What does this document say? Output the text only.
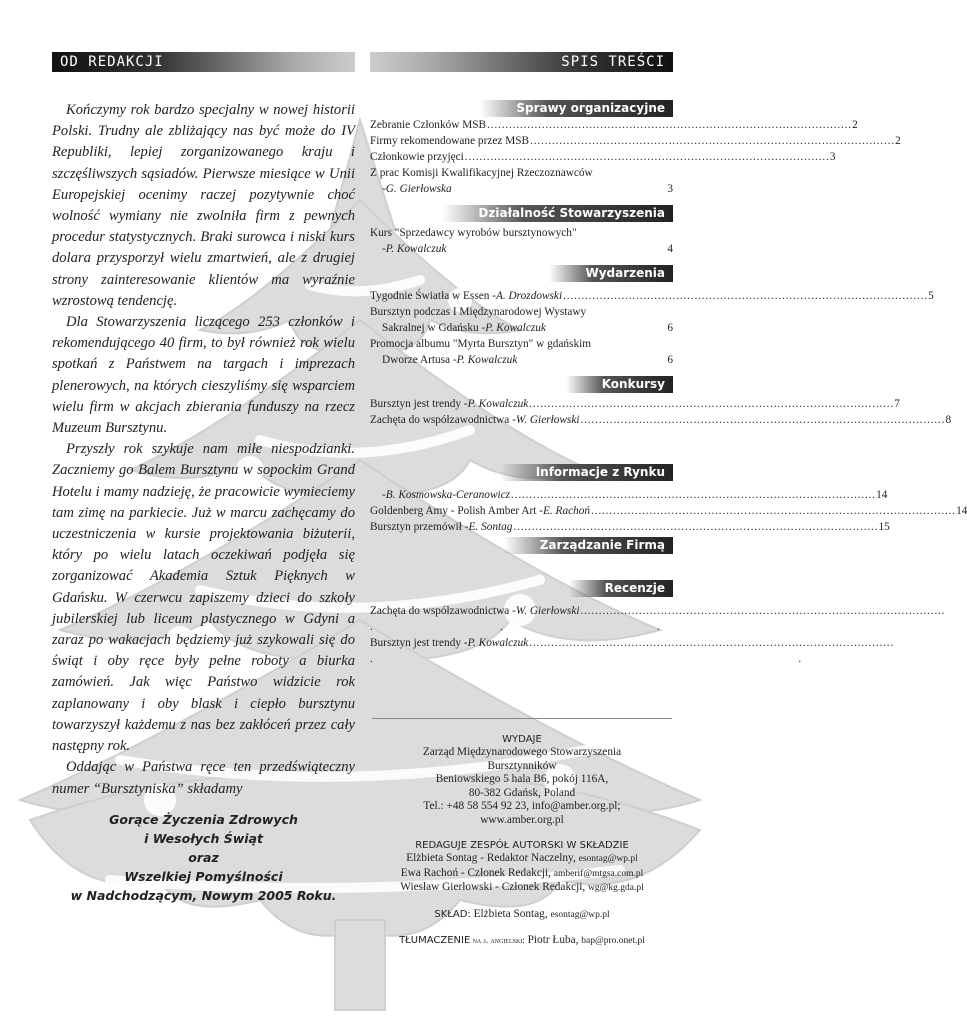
OD REDAKCJI

Kończymy rok bardzo specjalny w nowej historii Polski. Trudny ale zbliżający nas być może do IV Republiki, lepiej zorganizowanego kraju i szczęśliwszych sąsiadów. Pierwsze miesiące w Unii Europejskiej ocenimy raczej pozytywnie choć wolność wymiany nie zwolniła firm z pewnych procedur statystycznych. Braki surowca i niski kurs dolara przysporzył wielu zmartwień, ale z drugiej strony zainteresowanie klientów ma wyraźnie wzrostową tendencję.

Dla Stowarzyszenia liczącego 253 członków i rekomendującego 40 firm, to był również rok wielu spotkań z Państwem na targach i imprezach plenerowych, na których cieszyliśmy się wsparciem wielu firm w akcjach zbierania funduszy na rzecz Muzeum Bursztynu.

Przyszły rok szykuje nam miłe niespodzianki. Zaczniemy go Balem Bursztynu w sopockim Grand Hotelu i mamy nadzieję, że pracowicie wymieciemy tam zimę na parkiecie. Już w marcu zachęcamy do uczestniczenia w kursie projektowania biżuterii, który po wielu latach oczekiwań podjęła się zorganizować Akademia Sztuk Pięknych w Gdańsku. W czerwcu zapiszemy dzieci do szkoły jubilerskiej lub liceum plastycznego w Gdyni a zaraz po wakacjach będziemy już szykowali się do świąt i oby ręce były pełne roboty a biurka zamówień. Jak więc Państwo widzicie rok zaplanowany i oby blask i ciepło bursztynu towarzyszył każdemu z nas bez zakłóceń przez cały następny rok.

Oddając w Państwa ręce ten przedświąteczny numer “Bursztyniska” składamy

Gorące Życzenia Zdrowych
i Wesołych Świąt
oraz
Wszelkiej Pomyślności
w Nadchodzącym, Nowym 2005 Roku.
SPIS TREŚCI
Sprawy organizacyjne
Zebranie Członków MSB . . .	2
Firmy rekomendowane przez MSB . . .	2
Członkowie przyjęci . . .	3
Z prac Komisji Kwalifikacyjnej Rzeczoznawców
- G. Gierłowska	3
Działalność Stowarzyszenia
Kurs "Sprzedawcy wyrobów bursztynowych"
- P. Kowalczuk	4
Wydarzenia
Tygodnie Światła w Essen - A. Drozdowski . . .	5
Bursztyn podczas I Międzynarodowej Wystawy
Sakralnej w Gdańsku - P. Kowalczuk	6
Promocja albumu "Myrta Bursztyn" w gdańskim
Dworze Artusa - P. Kowalczuk	6
Konkursy
Bursztyn jest trendy - P. Kowalczuk . . .	7
Zachęta do współzawodnictwa - W. Gierłowski . . .	8
Informacje z Rynku
- B. Kosmowska-Ceranowicz . . .	14
Goldenberg Amy - Polish Amber Art - E. Rachoń . . .	14
Bursztyn przemówił - E. Sontag . . .	15
Zarządzanie Firmą
Recenzje
Zachęta do współzawodnictwa - W. Gierłowski
. . .
.                                 .                                        .
Bursztyn jest trendy - P. Kowalczuk
. . .
.                                                                                                               .
WYDAJE
Zarząd Międzynarodowego Stowarzyszenia
Bursztynników
Beniowskiego 5 hala B6, pokój 116A,
80-382 Gdańsk, Poland
Tel.: +48 58 554 92 23, info@amber.org.pl;
www.amber.org.pl
REDAGUJE ZESPÓŁ AUTORSKI W SKŁADZIE
Elżbieta Sontag - Redaktor Naczelny, esontag@wp.pl
Ewa Rachoń - Członek Redakcji, amberif@mtgsa.com.pl
Wiesław Gierłowski - Członek Redakcji, wg@kg.gda.pl
SKŁAD: Elżbieta Sontag, esontag@wp.pl
TŁUMACZENIE na j. angielski: Piotr Łuba, bap@pro.onet.pl
